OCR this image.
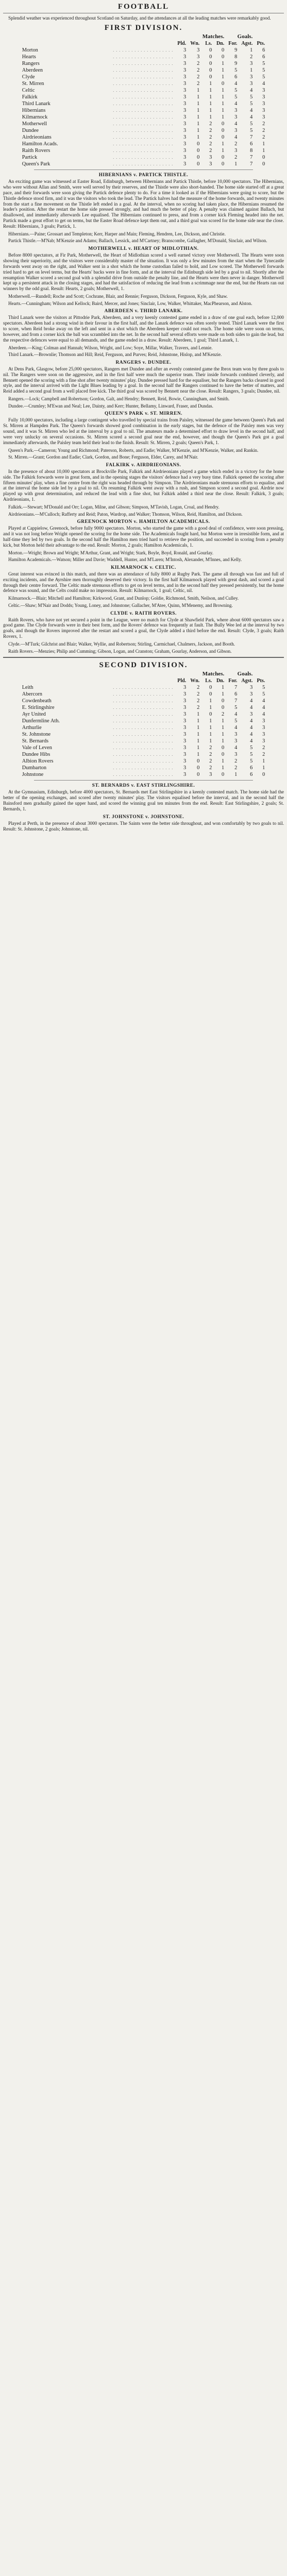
FOOTBALL

Splendid weather was experienced throughout Scotland on Saturday, and the attendances at all the leading matches were remarkably good.

FIRST DIVISION.
		Matches.				Goals.		
		Pld.	Wn.	Ls.	Dn.	For.	Agst.	Pts.
Morton	. . . . . . . . . . . . . . . . . . . .	3	3	0	0	9	1	6
Hearts	. . . . . . . . . . . . . . . . . . . .	3	3	0	0	8	2	6
Rangers	. . . . . . . . . . . . . . . . . . . .	3	2	0	1	9	3	5
Aberdeen	. . . . . . . . . . . . . . . . . . . .	3	2	0	1	5	1	5
Clyde	. . . . . . . . . . . . . . . . . . . .	3	2	0	1	6	3	5
St. Mirren	. . . . . . . . . . . . . . . . . . . .	3	2	1	0	4	3	4
Celtic	. . . . . . . . . . . . . . . . . . . .	3	1	1	1	5	4	3
Falkirk	. . . . . . . . . . . . . . . . . . . .	3	1	1	1	5	5	3
Third Lanark	. . . . . . . . . . . . . . . . . . . .	3	1	1	1	4	5	3
Hibernians	. . . . . . . . . . . . . . . . . . . .	3	1	1	1	3	4	3
Kilmarnock	. . . . . . . . . . . . . . . . . . . .	3	1	1	1	3	4	3
Motherwell	. . . . . . . . . . . . . . . . . . . .	3	1	2	0	4	5	2
Dundee	. . . . . . . . . . . . . . . . . . . .	3	1	2	0	3	5	2
Airdrieonians	. . . . . . . . . . . . . . . . . . . .	3	1	2	0	4	7	2
Hamilton Acads.	. . . . . . . . . . . . . . . . . . . .	3	0	2	1	2	6	1
Raith Rovers	. . . . . . . . . . . . . . . . . . . .	3	0	2	1	3	8	1
Partick	. . . . . . . . . . . . . . . . . . . .	3	0	3	0	2	7	0
Queen's Park	. . . . . . . . . . . . . . . . . . . .	3	0	3	0	1	7	0
HIBERNIANS v. PARTICK THISTLE.

An exciting game was witnessed at Easter Road, Edinburgh, between Hibernians and Partick Thistle, before 10,000 spectators. The Hibernians, who were without Allan and Smith, were well served by their reserves, and the Thistle were also short-handed. The home side started off at a great pace, and their forwards were soon giving the Partick defence plenty to do. For a time it looked as if the Hibernians were going to score, but the Thistle defence stood firm, and it was the visitors who took the lead. The Partick halves had the measure of the home forwards, and twenty minutes from the start a fine movement on the Thistle left ended in a goal. At the interval, when no scoring had taken place, the Hibernians resumed the leader's position. After the restart the home side pressed strongly, and had much the better of play. A penalty was claimed against Ballach, but disallowed, and immediately afterwards Lee equalised. The Hibernians continued to press, and from a corner kick Fleming headed into the net. Partick made a great effort to get on terms, but the Easter Road defence kept them out, and a third goal was scored for the home side near the close. Result: Hibernians, 3 goals; Partick, 1.

Hibernians.—Paine; Grossart and Templeton; Kerr, Harper and Main; Fleming, Hendren, Lee, Dickson, and Christie.

Partick Thistle.—M'Nab; M'Kenzie and Adams; Ballach, Lessick, and M'Cartney; Branscombe, Gallagher, M'Donald, Sinclair, and Wilson.

MOTHERWELL v. HEART OF MIDLOTHIAN.

Before 8000 spectators, at Fir Park, Motherwell, the Heart of Midlothian scored a well earned victory over Motherwell. The Hearts were soon showing their superiority, and the visitors were considerably master of the situation. It was only a few minutes from the start when the Tynecastle forwards went away on the right, and Walker sent in a shot which the home custodian failed to hold, and Low scored. The Motherwell forwards tried hard to get on level terms, but the Hearts' backs were in fine form, and at the interval the Edinburgh side led by a goal to nil. Shortly after the resumption Walker scored a second goal with a splendid drive from outside the penalty line, and the Hearts were then never in danger. Motherwell kept up a persistent attack in the closing stages, and had the satisfaction of reducing the lead from a scrimmage near the end, but the Hearts ran out winners by the odd goal. Result: Hearts, 2 goals; Motherwell, 1.

Motherwell.—Rundell; Roche and Scott; Cochrane, Blair, and Rennie; Ferguson, Dickson, Ferguson, Kyle, and Shaw.

Hearts.—Cunningham; Wilson and Kellock; Baird, Mercer, and Jones; Sinclair, Low, Walker, Whittaker, MacPhearson, and Alston.

ABERDEEN v. THIRD LANARK.

Third Lanark were the visitors at Pittodrie Park, Aberdeen, and a very keenly contested game ended in a draw of one goal each, before 12,000 spectators. Aberdeen had a strong wind in their favour in the first half, and the Lanark defence was often sorely tested. Third Lanark were the first to score, when Reid broke away on the left and sent in a shot which the Aberdeen keeper could not reach. The home side were soon on terms, however, and from a corner kick the ball was scrambled into the net. In the second half several efforts were made on both sides to gain the lead, but the respective defences were equal to all demands, and the game ended in a draw. Result: Aberdeen, 1 goal; Third Lanark, 1.

Aberdeen.—King; Colman and Hannah; Wilson, Wright, and Low; Soye, Millar, Walker, Travers, and Lennie.

Third Lanark.—Brownlie; Thomson and Hill; Reid, Ferguson, and Purves; Reid, Johnstone, Hislop, and M'Kenzie.

RANGERS v. DUNDEE.

At Dens Park, Glasgow, before 25,000 spectators, Rangers met Dundee and after an evenly contested game the Ibrox team won by three goals to nil. The Rangers were soon on the aggressive, and in the first half were much the superior team. Their inside forwards combined cleverly, and Bennett opened the scoring with a fine shot after twenty minutes' play. Dundee pressed hard for the equaliser, but the Rangers backs cleared in good style, and the interval arrived with the Light Blues leading by a goal. In the second half the Rangers continued to have the better of matters, and Reid added a second goal from a well placed free kick. The third goal was scored by Bennett near the close. Result: Rangers, 3 goals; Dundee, nil.

Rangers.—Lock; Campbell and Robertson; Gordon, Galt, and Hendry; Bennett, Reid, Bowie, Cunningham, and Smith.

Dundee.—Crumley; M'Ewan and Neal; Lee, Dainty, and Kerr; Hunter, Bellamy, Linward, Fraser, and Dundas.

QUEEN'S PARK v. ST. MIRREN.

Fully 10,000 spectators, including a large contingent who travelled by special trains from Paisley, witnessed the game between Queen's Park and St. Mirren at Hampden Park. The Queen's forwards showed good combination in the early stages, but the defence of the Paisley men was very sound, and it was St. Mirren who led at the interval by a goal to nil. The amateurs made a determined effort to draw level in the second half, and were very unlucky on several occasions. St. Mirren scored a second goal near the end, however, and though the Queen's Park got a goal immediately afterwards, the Paisley team held their lead to the finish. Result: St. Mirren, 2 goals; Queen's Park, 1.

Queen's Park.—Cameron; Young and Richmond; Paterson, Roberts, and Eadie; Walker, M'Kenzie, and M'Kenzie, Walker, and Rankin.

St. Mirren.—Grant; Gordon and Eadie; Clark, Gordon, and Bone; Ferguson, Elder, Carey, and M'Nair.

FALKIRK v. AIRDRIEONIANS.

In the presence of about 10,000 spectators at Brockville Park, Falkirk and Airdrieonians played a game which ended in a victory for the home side. The Falkirk forwards were in great form, and in the opening stages the visitors' defence had a very busy time. Falkirk opened the scoring after fifteen minutes' play, when a fine centre from the right was headed through by Simpson. The Airdrieonians made strenuous efforts to equalise, and at the interval the home side led by a goal to nil. On resuming Falkirk went away with a rush, and Simpson scored a second goal. Airdrie now played up with great determination, and reduced the lead with a fine shot, but Falkirk added a third near the close. Result: Falkirk, 3 goals; Airdrieonians, 1.

Falkirk.—Stewart; M'Donald and Orr; Logan, Milne, and Gibson; Simpson, M'Tavish, Logan, Croal, and Hendry.

Airdrieonians.—M'Culloch; Rafferty and Reid; Paton, Wardrop, and Walker; Thomson, Wilson, Reid, Hamilton, and Dickson.

GREENOCK MORTON v. HAMILTON ACADEMICALS.

Played at Cappielow, Greenock, before fully 9000 spectators. Morton, who started the game with a good deal of confidence, were soon pressing, and it was not long before Wright opened the scoring for the home side. The Academicals fought hard, but Morton were in irresistible form, and at half-time they led by two goals. In the second half the Hamilton men tried hard to retrieve the position, and succeeded in scoring from a penalty kick, but Morton held their advantage to the end. Result: Morton, 2 goals; Hamilton Academicals, 1.

Morton.—Wright; Brown and Wright; M'Arthur, Grant, and Wright; Stark, Boyle, Boyd, Ronald, and Gourlay.

Hamilton Academicals.—Watson; Miller and Davie; Waddell, Hunter, and M'Laren; M'Intosh, Alexander, M'Innes, and Kelly.

KILMARNOCK v. CELTIC.

Great interest was evinced in this match, and there was an attendance of fully 8000 at Rugby Park. The game all through was fast and full of exciting incidents, and the Ayrshire men thoroughly deserved their victory. In the first half Kilmarnock played with great dash, and scored a goal through their centre forward. The Celtic made strenuous efforts to get on level terms, and in the second half they pressed persistently, but the home defence was sound, and the Celts could make no impression. Result: Kilmarnock, 1 goal; Celtic, nil.

Kilmarnock.—Blair; Mitchell and Hamilton; Kirkwood, Grant, and Dunlop; Goldie, Richmond, Smith, Neilson, and Culley.

Celtic.—Shaw; M'Nair and Dodds; Young, Loney, and Johnstone; Gallacher, M'Atee, Quinn, M'Menemy, and Browning.

CLYDE v. RAITH ROVERS.

Raith Rovers, who have not yet secured a point in the League, were no match for Clyde at Shawfield Park, where about 6000 spectators saw a good game. The Clyde forwards were in their best form, and the Rovers' defence was frequently at fault. The Bully Wee led at the interval by two goals, and though the Rovers improved after the restart and scored a goal, the Clyde added a third before the end. Result: Clyde, 3 goals; Raith Rovers, 1.

Clyde.—M'Turk; Gilchrist and Blair; Walker, Wyllie, and Robertson; Stirling, Carmichael, Chalmers, Jackson, and Booth.

Raith Rovers.—Menzies; Philip and Cumming; Gibson, Logan, and Cranston; Graham, Gourlay, Anderson, and Gibson.

SECOND DIVISION.
		Matches.				Goals.		
		Pld.	Wn.	Ls.	Dn.	For.	Agst.	Pts.
Leith	. . . . . . . . . . . . . . . . . . . .	3	2	0	1	7	3	5
Abercorn	. . . . . . . . . . . . . . . . . . . .	3	2	0	1	6	3	5
Cowdenbeath	. . . . . . . . . . . . . . . . . . . .	3	2	1	0	7	4	4
E. Stirlingshire	. . . . . . . . . . . . . . . . . . . .	3	2	1	0	5	4	4
Ayr United	. . . . . . . . . . . . . . . . . . . .	3	1	0	2	4	3	4
Dunfermline Ath.	. . . . . . . . . . . . . . . . . . . .	3	1	1	1	5	4	3
Arthurlie	. . . . . . . . . . . . . . . . . . . .	3	1	1	1	4	4	3
St. Johnstone	. . . . . . . . . . . . . . . . . . . .	3	1	1	1	3	4	3
St. Bernards	. . . . . . . . . . . . . . . . . . . .	3	1	1	1	3	4	3
Vale of Leven	. . . . . . . . . . . . . . . . . . . .	3	1	2	0	4	5	2
Dundee Hibs	. . . . . . . . . . . . . . . . . . . .	3	1	2	0	3	5	2
Albion Rovers	. . . . . . . . . . . . . . . . . . . .	3	0	2	1	2	5	1
Dumbarton	. . . . . . . . . . . . . . . . . . . .	3	0	2	1	2	6	1
Johnstone	. . . . . . . . . . . . . . . . . . . .	3	0	3	0	1	6	0
ST. BERNARDS v. EAST STIRLINGSHIRE.

At the Gymnasium, Edinburgh, before 4000 spectators, St. Bernards met East Stirlingshire in a keenly contested match. The home side had the better of the opening exchanges, and scored after twenty minutes' play. The visitors equalised before the interval, and in the second half the Bainsford men gradually gained the upper hand, and scored the winning goal ten minutes from the end. Result: East Stirlingshire, 2 goals; St. Bernards, 1.

ST. JOHNSTONE v. JOHNSTONE.

Played at Perth, in the presence of about 3000 spectators. The Saints were the better side throughout, and won comfortably by two goals to nil. Result: St. Johnstone, 2 goals; Johnstone, nil.
